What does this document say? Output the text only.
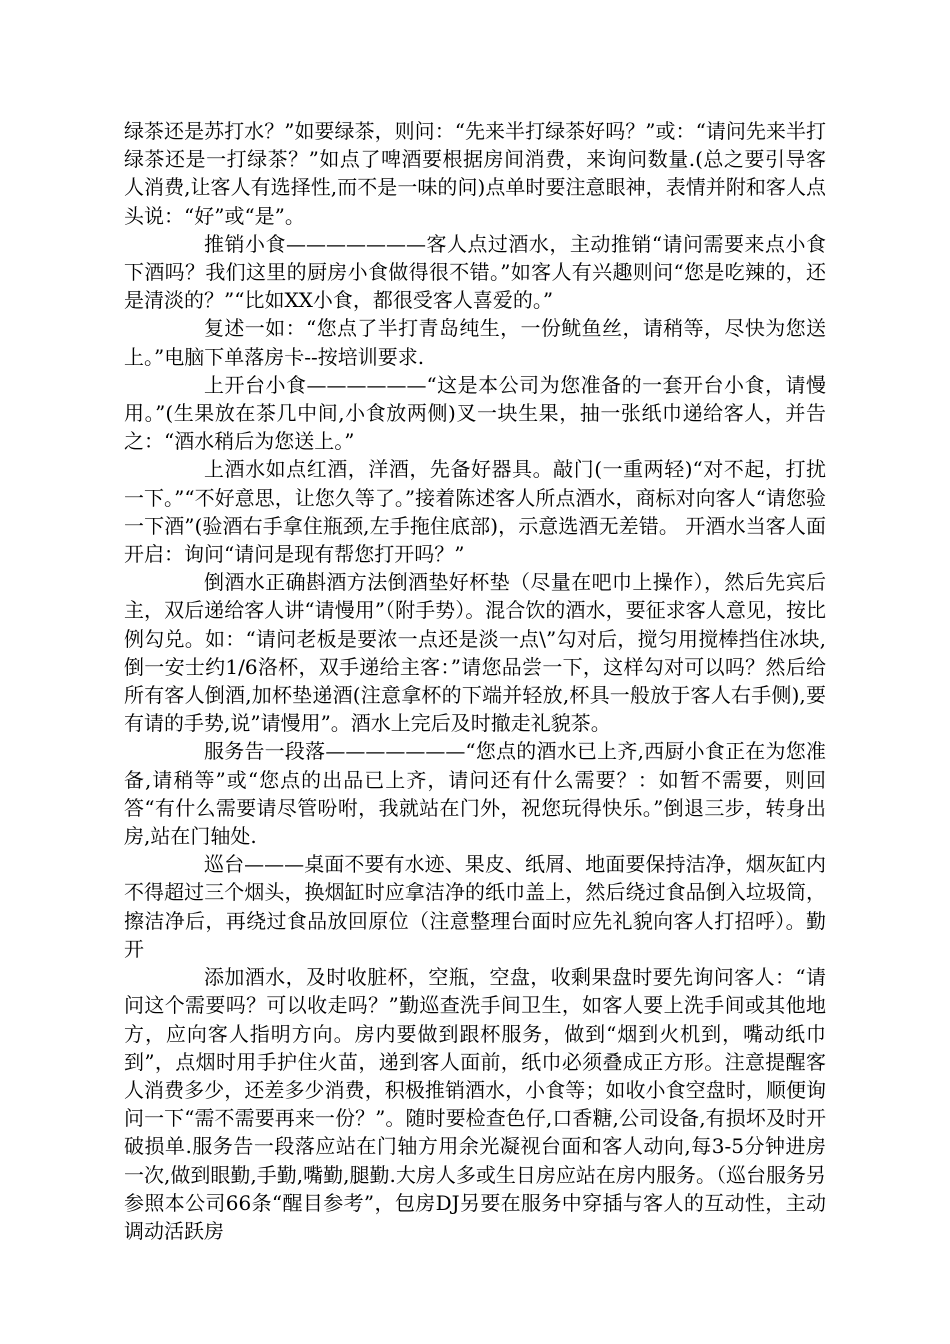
绿茶还是苏打水？”如要绿茶，则问：“先来半打绿茶好吗？”或：“请问先来半打绿茶还是一打绿茶？”如点了啤酒要根据房间消费，来询问数量.(总之要引导客人消费,让客人有选择性,而不是一味的问)点单时要注意眼神，表情并附和客人点头说：“好”或“是”。

推销小食———————客人点过酒水，主动推销“请问需要来点小食下酒吗？我们这里的厨房小食做得很不错。”如客人有兴趣则问“您是吃辣的，还是清淡的？”“比如XX小食，都很受客人喜爱的。”

复述一如：“您点了半打青岛纯生，一份鱿鱼丝，请稍等，尽快为您送上。”电脑下单落房卡--按培训要求.

上开台小食——————“这是本公司为您准备的一套开台小食，请慢用。”(生果放在茶几中间,小食放两侧)叉一块生果，抽一张纸巾递给客人，并告之：“酒水稍后为您送上。”

上酒水如点红酒，洋酒，先备好器具。敲门(一重两轻)“对不起，打扰一下。”“不好意思，让您久等了。”接着陈述客人所点酒水，商标对向客人“请您验一下酒”(验酒右手拿住瓶颈,左手拖住底部)，示意选酒无差错。 开酒水当客人面开启：询问“请问是现有帮您打开吗？”

倒酒水正确斟酒方法倒酒垫好杯垫（尽量在吧巾上操作），然后先宾后主，双后递给客人讲“请慢用”（附手势）。混合饮的酒水，要征求客人意见，按比例勾兑。如：“请问老板是要浓一点还是淡一点\”勾对后，搅匀用搅棒挡住冰块,倒一安士约1/6洛杯，双手递给主客：”请您品尝一下，这样勾对可以吗？然后给所有客人倒酒,加杯垫递酒(注意拿杯的下端并轻放,杯具一般放于客人右手侧),要有请的手势,说”请慢用”。酒水上完后及时撤走礼貌茶。

服务告一段落———————“您点的酒水已上齐,西厨小食正在为您准备,请稍等”或“您点的出品已上齐，请问还有什么需要？：如暂不需要，则回答“有什么需要请尽管吩咐，我就站在门外，祝您玩得快乐。”倒退三步，转身出房,站在门轴处.

巡台———桌面不要有水迹、果皮、纸屑、地面要保持洁净，烟灰缸内不得超过三个烟头，换烟缸时应拿洁净的纸巾盖上，然后绕过食品倒入垃圾筒，擦洁净后，再绕过食品放回原位（注意整理台面时应先礼貌向客人打招呼）。勤开

添加酒水，及时收脏杯，空瓶，空盘，收剩果盘时要先询问客人：“请问这个需要吗？可以收走吗？”勤巡查洗手间卫生，如客人要上洗手间或其他地方，应向客人指明方向。房内要做到跟杯服务，做到“烟到火机到，嘴动纸巾到”，点烟时用手护住火苗，递到客人面前，纸巾必须叠成正方形。注意提醒客人消费多少，还差多少消费，积极推销酒水，小食等；如收小食空盘时，顺便询问一下“需不需要再来一份？”。随时要检查色仔,口香糖,公司设备,有损坏及时开破损单.服务告一段落应站在门轴方用余光凝视台面和客人动向,每3-5分钟进房一次,做到眼勤,手勤,嘴勤,腿勤.大房人多或生日房应站在房内服务。（巡台服务另参照本公司66条“醒目参考”，包房DJ另要在服务中穿插与客人的互动性，主动调动活跃房
